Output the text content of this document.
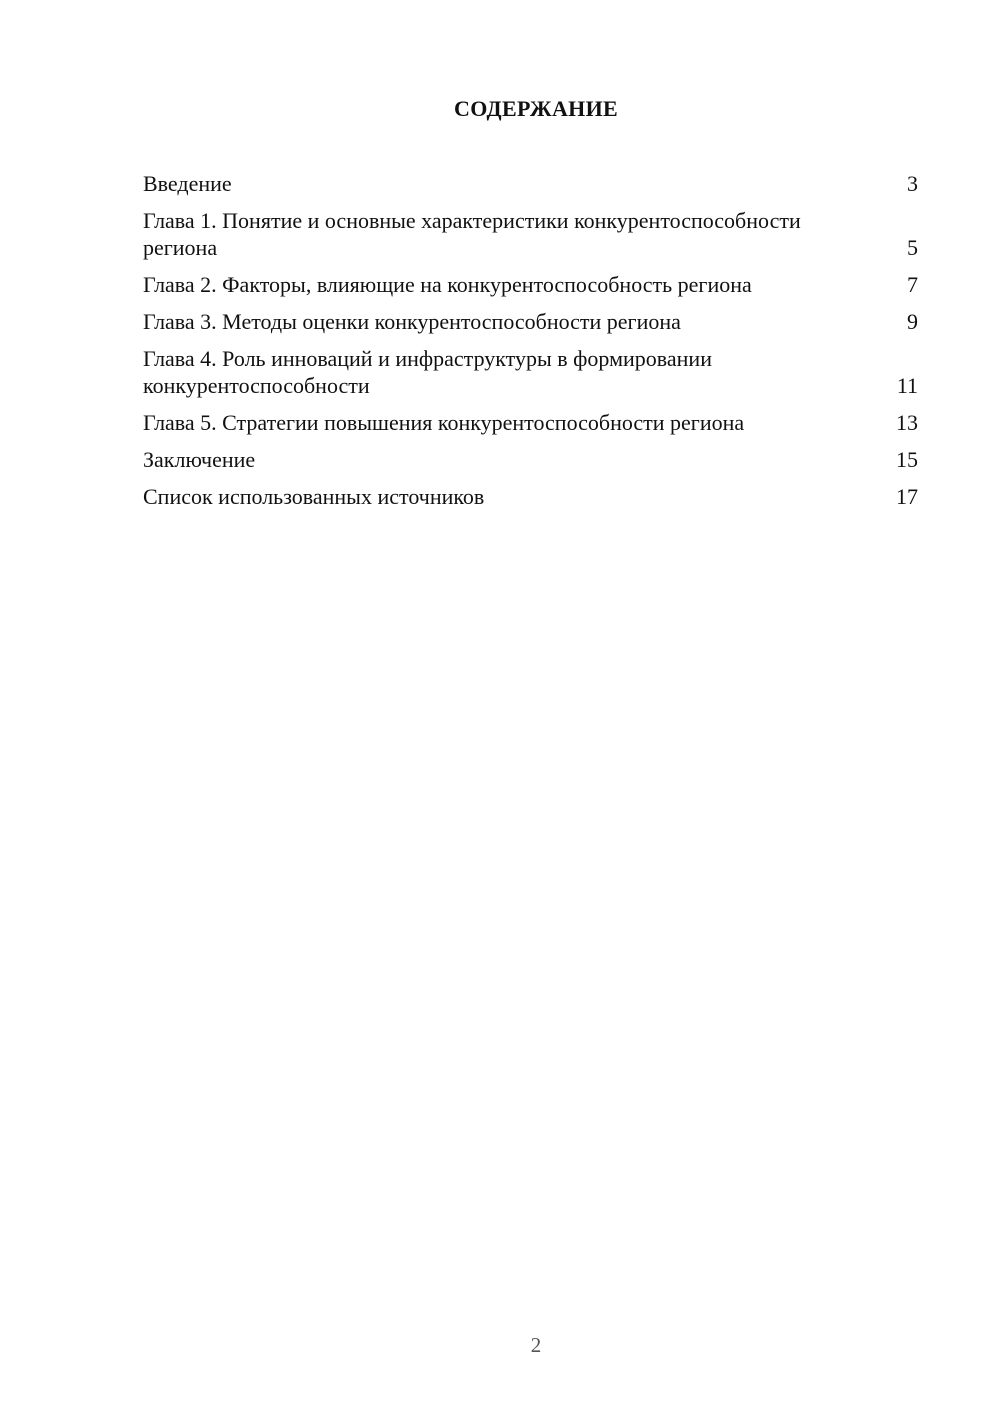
СОДЕРЖАНИЕ
Введение	3
Глава 1. Понятие и основные характеристики конкурентоспособности региона	5
Глава 2. Факторы, влияющие на конкурентоспособность региона	7
Глава 3. Методы оценки конкурентоспособности региона	9
Глава 4. Роль инноваций и инфраструктуры в формировании конкурентоспособности	11
Глава 5. Стратегии повышения конкурентоспособности региона	13
Заключение	15
Список использованных источников	17
2
